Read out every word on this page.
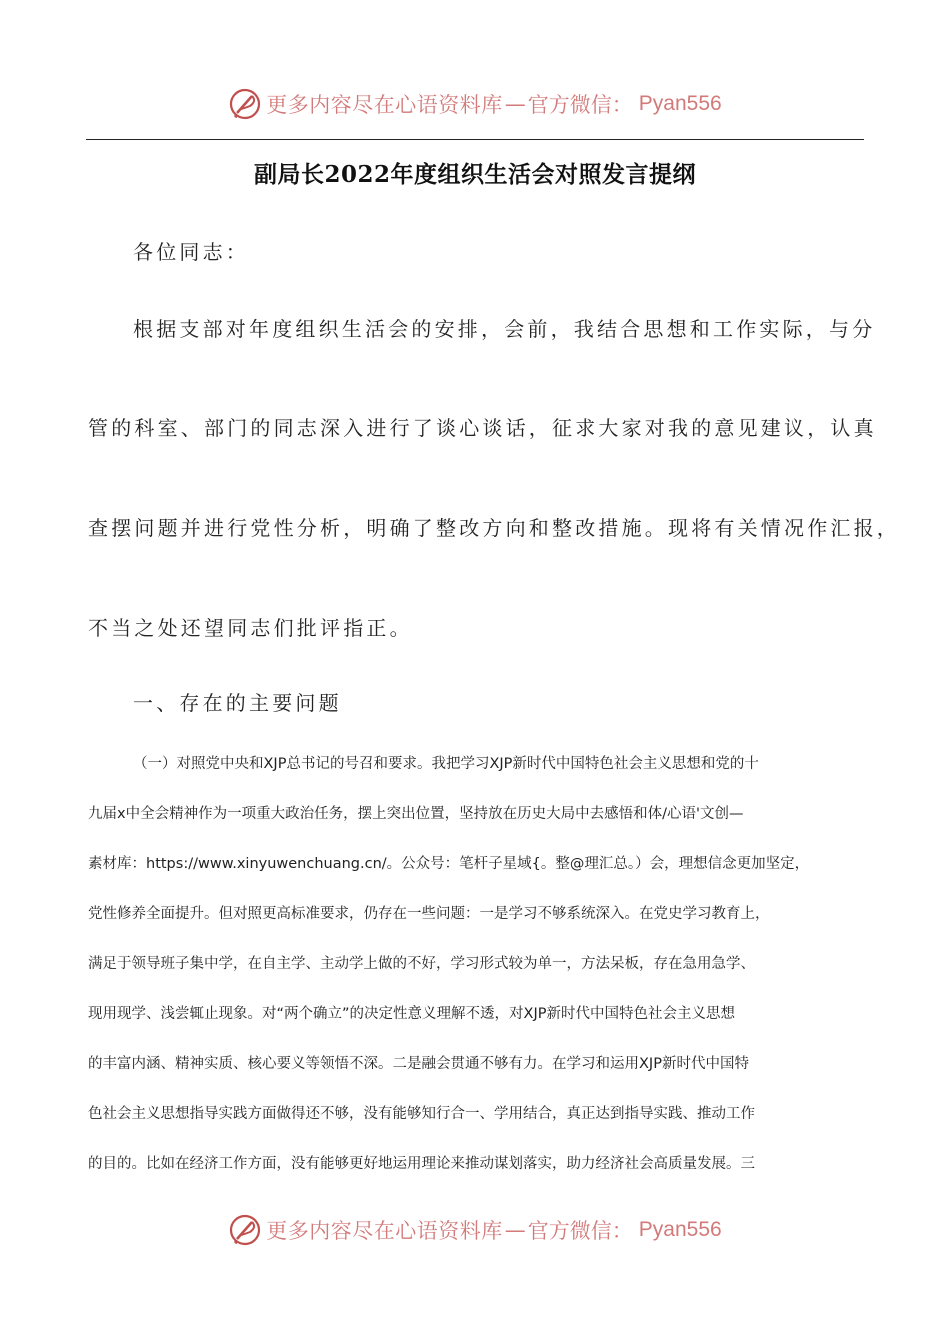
更多内容尽在心语资料库 — 官方微信： Pyan556
副局长2022年度组织生活会对照发言提纲
各位同志：
根据支部对年度组织生活会的安排，会前，我结合思想和工作实际，与分
管的科室、部门的同志深入进行了谈心谈话，征求大家对我的意见建议，认真
查摆问题并进行党性分析，明确了整改方向和整改措施。现将有关情况作汇报，
不当之处还望同志们批评指正。
一、存在的主要问题
（一）对照党中央和XJP总书记的号召和要求。我把学习XJP新时代中国特色社会主义思想和党的十
九届x中全会精神作为一项重大政治任务，摆上突出位置，坚持放在历史大局中去感悟和体/心语'文创—
素材库：https://www.xinyuwenchuang.cn/。公众号：笔杆子星域{。整@理汇总。）会，理想信念更加坚定，
党性修养全面提升。但对照更高标准要求，仍存在一些问题：一是学习不够系统深入。在党史学习教育上，
满足于领导班子集中学，在自主学、主动学上做的不好，学习形式较为单一，方法呆板，存在急用急学、
现用现学、浅尝辄止现象。对“两个确立”的决定性意义理解不透，对XJP新时代中国特色社会主义思想
的丰富内涵、精神实质、核心要义等领悟不深。二是融会贯通不够有力。在学习和运用XJP新时代中国特
色社会主义思想指导实践方面做得还不够，没有能够知行合一、学用结合，真正达到指导实践、推动工作
的目的。比如在经济工作方面，没有能够更好地运用理论来推动谋划落实，助力经济社会高质量发展。三
更多内容尽在心语资料库 — 官方微信： Pyan556
